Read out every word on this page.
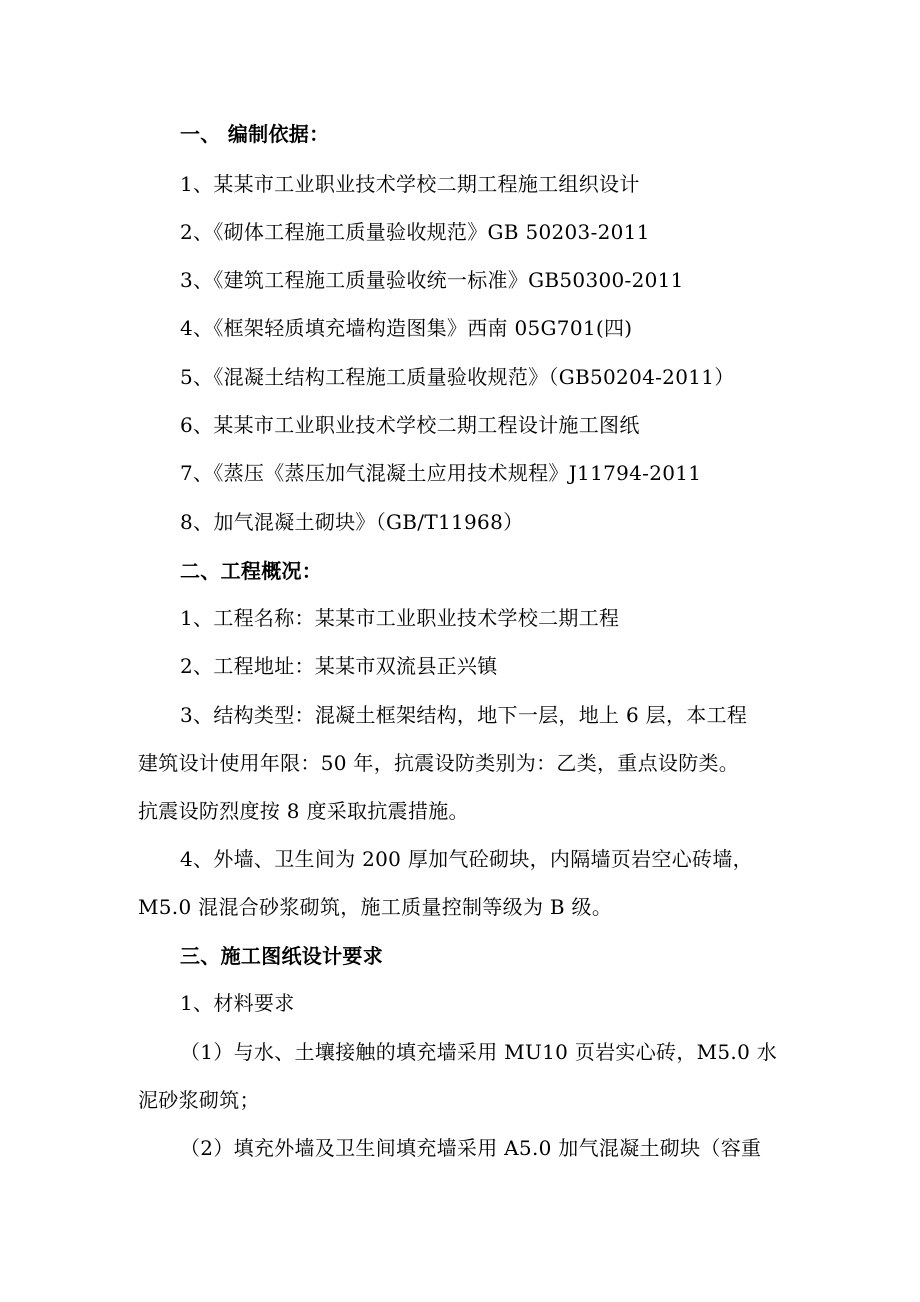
一、 编制依据：
1、某某市工业职业技术学校二期工程施工组织设计
2、《砌体工程施工质量验收规范》GB 50203-2011
3、《建筑工程施工质量验收统一标准》GB50300-2011
4、《框架轻质填充墙构造图集》西南 05G701(四)
5、《混凝土结构工程施工质量验收规范》（GB50204-2011）
6、某某市工业职业技术学校二期工程设计施工图纸
7、《蒸压《蒸压加气混凝土应用技术规程》J11794-2011
8、加气混凝土砌块》（GB/T11968）
二、工程概况：
1、工程名称：某某市工业职业技术学校二期工程
2、工程地址：某某市双流县正兴镇
3、结构类型：混凝土框架结构，地下一层，地上 6 层，本工程
建筑设计使用年限：50 年，抗震设防类别为：乙类，重点设防类。
抗震设防烈度按 8 度采取抗震措施。
4、外墙、卫生间为 200 厚加气砼砌块，内隔墙页岩空心砖墙，
M5.0 混混合砂浆砌筑，施工质量控制等级为 B 级。
三、施工图纸设计要求
1、材料要求
（1）与水、土壤接触的填充墙采用 MU10 页岩实心砖，M5.0 水
泥砂浆砌筑；
（2）填充外墙及卫生间填充墙采用 A5.0 加气混凝土砌块（容重
